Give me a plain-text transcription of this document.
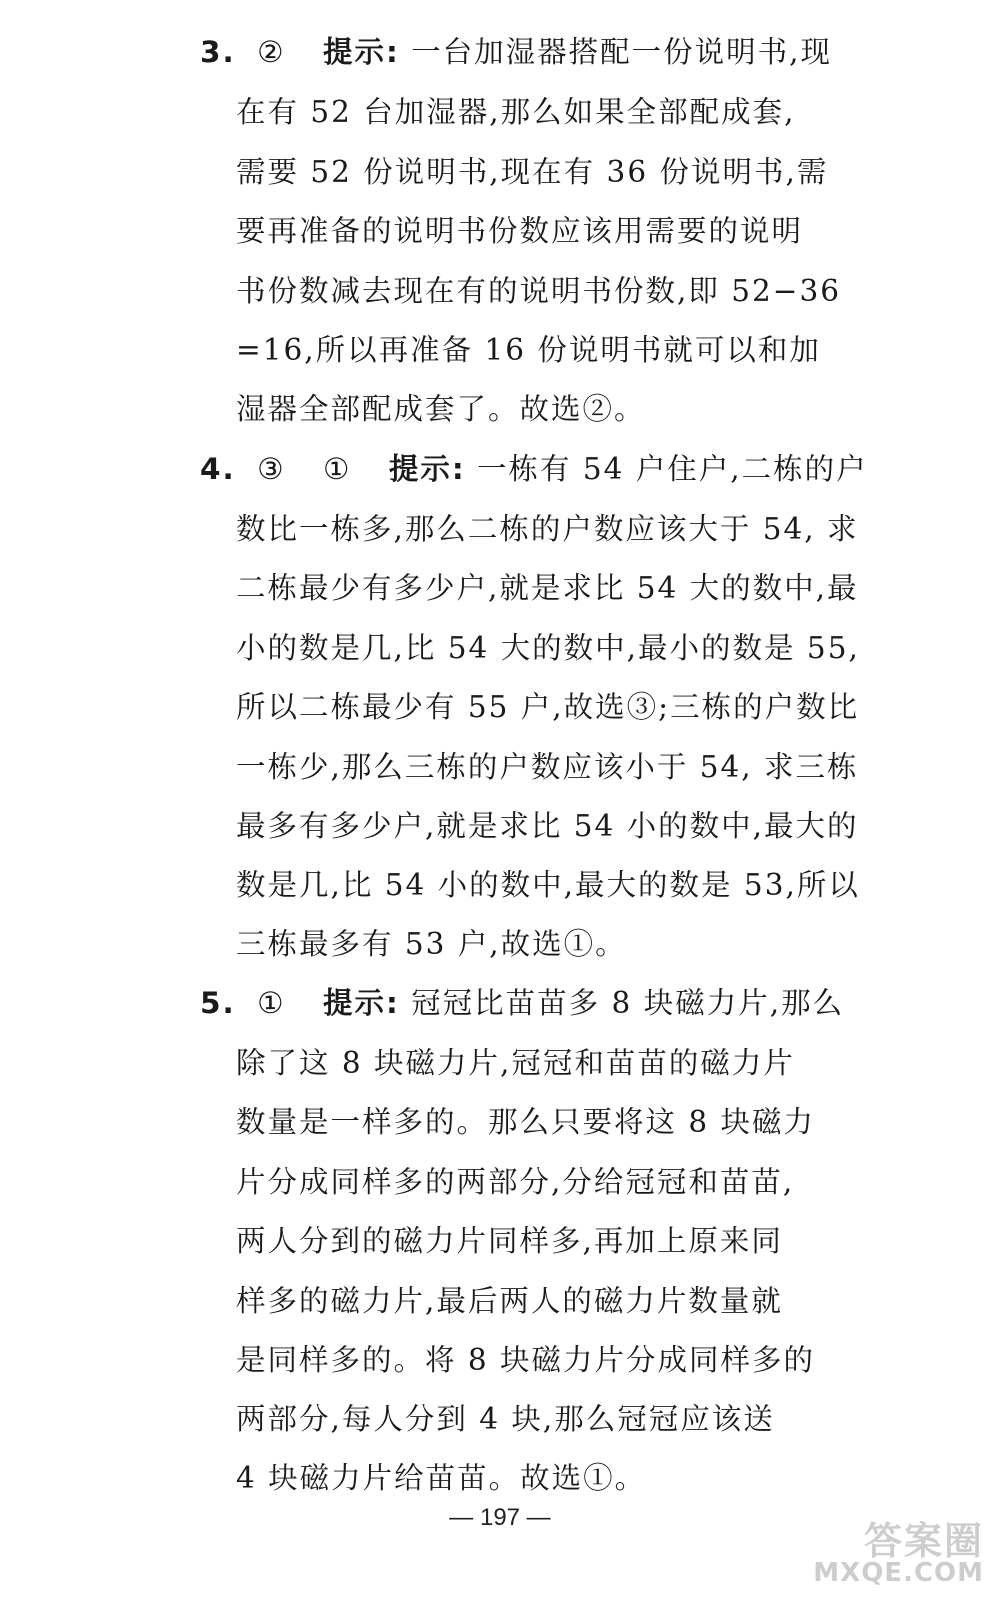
3. ② 提示: 一台加湿器搭配一份说明书,现
在有 52 台加湿器,那么如果全部配成套,
需要 52 份说明书,现在有 36 份说明书,需
要再准备的说明书份数应该用需要的说明
书份数减去现在有的说明书份数,即 52−36
=16,所以再准备 16 份说明书就可以和加
湿器全部配成套了。故选②。
4. ③ ① 提示: 一栋有 54 户住户,二栋的户
数比一栋多,那么二栋的户数应该大于 54, 求
二栋最少有多少户,就是求比 54 大的数中,最
小的数是几,比 54 大的数中,最小的数是 55,
所以二栋最少有 55 户,故选③;三栋的户数比
一栋少,那么三栋的户数应该小于 54, 求三栋
最多有多少户,就是求比 54 小的数中,最大的
数是几,比 54 小的数中,最大的数是 53,所以
三栋最多有 53 户,故选①。
5. ① 提示: 冠冠比苗苗多 8 块磁力片,那么
除了这 8 块磁力片,冠冠和苗苗的磁力片
数量是一样多的。那么只要将这 8 块磁力
片分成同样多的两部分,分给冠冠和苗苗,
两人分到的磁力片同样多,再加上原来同
样多的磁力片,最后两人的磁力片数量就
是同样多的。将 8 块磁力片分成同样多的
两部分,每人分到 4 块,那么冠冠应该送
4 块磁力片给苗苗。故选①。
— 197 —
答案圈
MXQE.COM
